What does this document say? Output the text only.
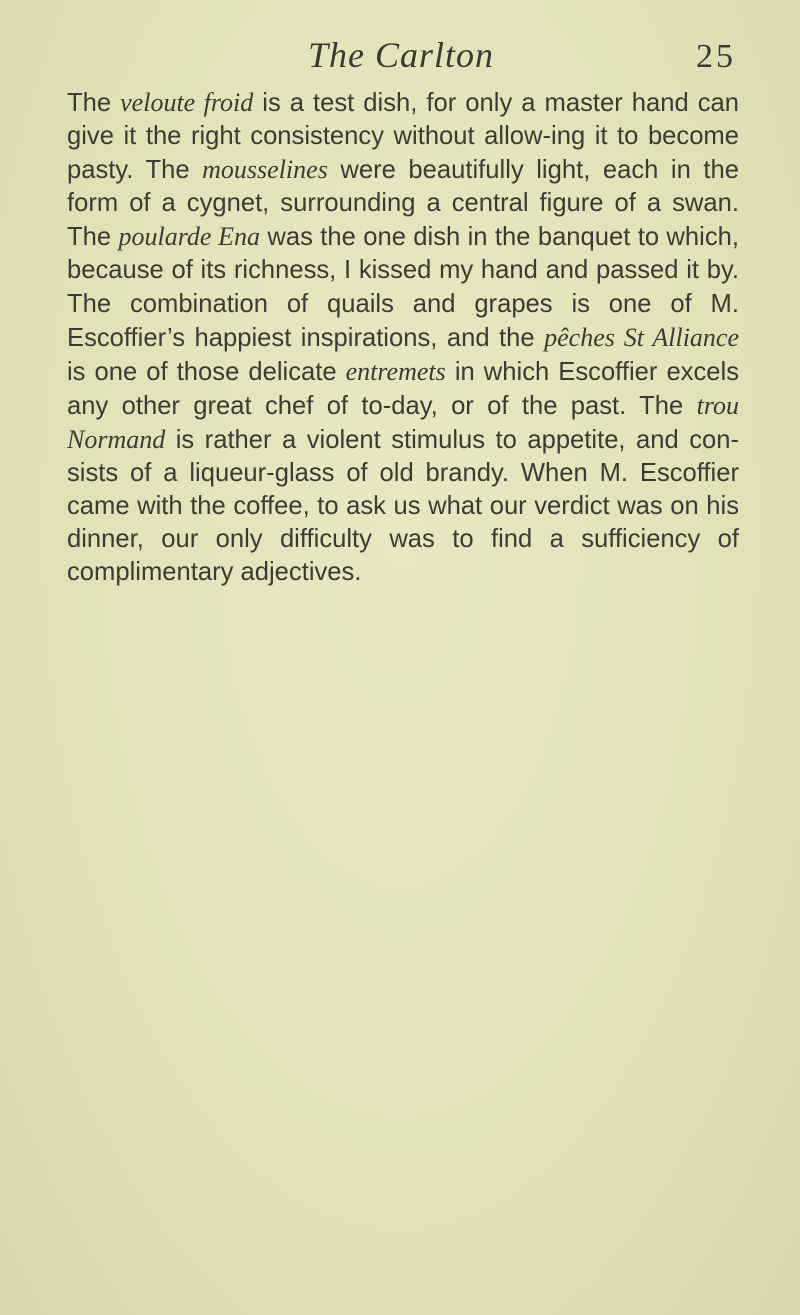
The Carlton	25

The veloute froid is a test dish, for only a master hand can give it the right consistency without allow-ing it to become pasty. The mousselines were beautifully light, each in the form of a cygnet, surrounding a central figure of a swan. The poularde Ena was the one dish in the banquet to which, because of its richness, I kissed my hand and passed it by. The combination of quails and grapes is one of M. Escoffier’s happiest inspirations, and the pêches St Alliance is one of those delicate entremets in which Escoffier excels any other great chef of to-day, or of the past. The trou Normand is rather a violent stimulus to appetite, and con-sists of a liqueur-glass of old brandy. When M. Escoffier came with the coffee, to ask us what our verdict was on his dinner, our only difficulty was to find a sufficiency of complimentary adjectives.
